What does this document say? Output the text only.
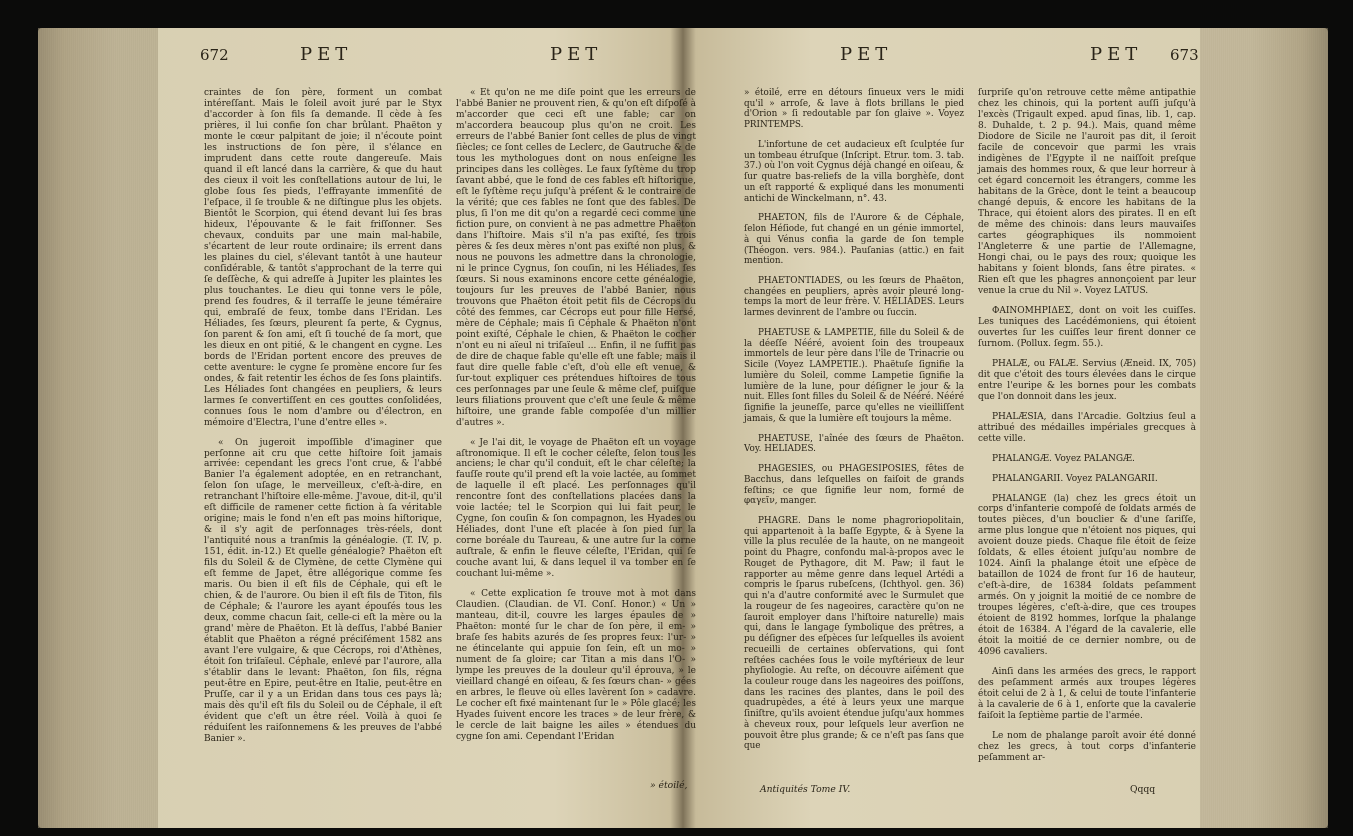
672	PET	PET

craintes de ſon père, forment un combat intéreſſant. Mais le ſoleil avoit juré par le Styx d'accorder à ſon fils ſa demande. Il cède à ſes prières, il lui confie ſon char brûlant. Phaëton y monte le cœur palpitant de joie; il n'écoute point les instructions de ſon père, il s'élance en imprudent dans cette route dangereuſe. Mais quand il eſt lancé dans la carrière, & que du haut des cieux il voit les conſtellations autour de lui, le globe ſous ſes pieds, l'effrayante immenſité de l'eſpace, il ſe trouble & ne diſtingue plus les objets. Bientôt le Scorpion, qui étend devant lui ſes bras hideux, l'épouvante & le fait friſſonner. Ses chevaux, conduits par une main mal-habile, s'écartent de leur route ordinaire; ils errent dans les plaines du ciel, s'élevant tantôt à une hauteur conſidérable, & tantôt s'approchant de la terre qui ſe deſſèche, & qui adreſſe à Jupiter les plaintes les plus touchantes. Le dieu qui tonne vers le pôle, prend ſes foudres, & il terraſſe le jeune téméraire qui, embraſé de feux, tombe dans l'Eridan. Les Héliades, ſes ſœurs, pleurent ſa perte, & Cygnus, ſon parent & ſon ami, eſt ſi touché de ſa mort, que les dieux en ont pitié, & le changent en cygne. Les bords de l'Eridan portent encore des preuves de cette aventure: le cygne ſe promène encore ſur ſes ondes, & fait retentir les échos de ſes ſons plaintifs. Les Héliades ſont changées en peupliers, & leurs larmes ſe convertiſſent en ces gouttes conſolidées, connues ſous le nom d'ambre ou d'électron, en mémoire d'Electra, l'une d'entre elles ».

« On jugeroit impoſſible d'imaginer que perſonne ait cru que cette hiſtoire ſoit jamais arrivée: cependant les grecs l'ont crue, & l'abbé Banier l'a également adoptée, en en retranchant, ſelon ſon uſage, le merveilleux, c'eſt-à-dire, en retranchant l'hiſtoire elle-même. J'avoue, dit-il, qu'il eſt difficile de ramener cette fiction à ſa véritable origine; mais le fond n'en eſt pas moins hiſtorique, & il s'y agit de perſonnages très-réels, dont l'antiquité nous a tranſmis la généalogie. (T. IV, p. 151, édit. in-12.) Et quelle généalogie? Phaëton eſt fils du Soleil & de Clymène, de cette Clymène qui eſt femme de Japet, être allégorique comme ſes maris. Ou bien il eſt fils de Céphale, qui eſt le chien, & de l'aurore. Ou bien il eſt fils de Titon, fils de Céphale; & l'aurore les ayant épouſés tous les deux, comme chacun ſait, celle-ci eſt la mère ou la grand' mère de Phaëton. Et là deſſus, l'abbé Banier établit que Phaëton a régné préciſément 1582 ans avant l'ere vulgaire, & que Cécrops, roi d'Athènes, étoit ſon triſaïeul. Céphale, enlevé par l'aurore, alla s'établir dans le levant: Phaëton, ſon fils, régna peut-être en Epire, peut-être en Italie, peut-être en Pruſſe, car il y a un Eridan dans tous ces pays là; mais dès qu'il eſt fils du Soleil ou de Céphale, il eſt évident que c'eſt un être réel. Voilà à quoi ſe réduiſent les raiſonnemens & les preuves de l'abbé Banier ».

« Et qu'on ne me diſe point que les erreurs de l'abbé Banier ne prouvent rien, & qu'on eſt diſpoſé à m'accorder que ceci eſt une fable; car on m'accordera beaucoup plus qu'on ne croit. Les erreurs de l'abbé Banier ſont celles de plus de vingt ſiècles; ce ſont celles de Leclerc, de Gautruche & de tous les mythologues dont on nous enſeigne les principes dans les collèges. Le faux ſyſtème du trop ſavant abbé, que le fond de ces fables eſt hiſtorique, eſt le ſyſtème reçu juſqu'à préſent & le contraire de la vérité; que ces fables ne ſont que des fables. De plus, ſi l'on me dit qu'on a regardé ceci comme une fiction pure, on convient à ne pas admettre Phaëton dans l'hiſtoire. Mais s'il n'a pas exiſté, ſes trois pères & ſes deux mères n'ont pas exiſté non plus, & nous ne pouvons les admettre dans la chronologie, ni le prince Cygnus, ſon couſin, ni les Héliades, ſes ſœurs. Si nous examinons encore cette généalogie, toujours ſur les preuves de l'abbé Banier, nous trouvons que Phaëton étoit petit fils de Cécrops du côté des femmes, car Cécrops eut pour fille Hersé, mère de Céphale; mais ſi Céphale & Phaëton n'ont point exiſté, Céphale le chien, & Phaëton le cocher n'ont eu ni aïeul ni triſaïeul ... Enfin, il ne ſuffit pas de dire de chaque fable qu'elle eſt une fable; mais il faut dire quelle fable c'eſt, d'où elle eſt venue, & ſur-tout expliquer ces prétendues hiſtoires de tous ces perſonnages par une ſeule & même clef, puiſque leurs filiations prouvent que c'eſt une ſeule & même hiſtoire, une grande fable compoſée d'un millier d'autres ».

« Je l'ai dit, le voyage de Phaëton eſt un voyage aſtronomique. Il eſt le cocher céleſte, ſelon tous les anciens; le char qu'il conduit, eſt le char céleſte; la fauſſe route qu'il prend eſt la voie lactée, au ſommet de laquelle il eſt placé. Les perſonnages qu'il rencontre ſont des conſtellations placées dans la voie lactée; tel le Scorpion qui lui fait peur, le Cygne, ſon couſin & ſon compagnon, les Hyades ou Héliades, dont l'une eſt placée à ſon pied ſur la corne boréale du Taureau, & une autre ſur la corne auſtrale, & enfin le fleuve céleſte, l'Eridan, qui ſe couche avant lui, & dans lequel il va tomber en ſe couchant lui-même ».

« Cette explication ſe trouve mot à mot dans Claudien. (Claudian. de VI. Conſ. Honor.) « Un » manteau, dit-il, couvre les larges épaules de » Phaëton: monté ſur le char de ſon père, il em- » braſe ſes habits azurés de ſes propres feux: l'ur- » ne étincelante qui appuie ſon ſein, eſt un mo- » nument de ſa gloire; car Titan a mis dans l'O- » lympe les preuves de la douleur qu'il éprouva, » le vieillard changé en oiſeau, & ſes ſœurs chan- » gées en arbres, le fleuve où elles lavèrent ſon » cadavre. Le cocher eſt fixé maintenant ſur le » Pôle glacé; les Hyades ſuivent encore les traces » de leur frère, & le cercle de lait baigne les ailes » étendues du cygne ſon ami. Cependant l'Eridan

» étoilé,
PET	PET 673

» étoilé, erre en détours ſinueux vers le midi qu'il » arroſe, & lave à flots brillans le pied d'Orion » ſi redoutable par ſon glaive ». Voyez PRINTEMPS.

L'infortune de cet audacieux eſt ſculptée ſur un tombeau étruſque (Inſcript. Etrur. tom. 3. tab. 37.) où l'on voit Cygnus déjà changé en oiſeau, & ſur quatre bas-reliefs de la villa borghèſe, dont un eſt rapporté & expliqué dans les monumenti antichi de Winckelmann, n°. 43.

PHAETON, fils de l'Aurore & de Céphale, ſelon Héſiode, fut changé en un génie immortel, à qui Vénus confia la garde de ſon temple (Théogon. vers. 984.). Pauſanias (attic.) en fait mention.

PHAETONTIADES, ou les ſœurs de Phaëton, changées en peupliers, après avoir pleuré long-temps la mort de leur frère. V. HÉLIADES. Leurs larmes devinrent de l'ambre ou ſuccin.

PHAETUSE & LAMPETIE, fille du Soleil & de la déeſſe Nééré, avoient ſoin des troupeaux immortels de leur père dans l'île de Trinacrie ou Sicile (Voyez LAMPETIE.). Phaëtuſe ſignifie la lumière du Soleil, comme Lampetie ſignifie la lumière de la lune, pour déſigner le jour & la nuit. Elles ſont filles du Soleil & de Nééré. Nééré ſignifie la jeuneſſe, parce qu'elles ne vieilliſſent jamais, & que la lumière eſt toujours la même.

PHAETUSE, l'aînée des ſœurs de Phaëton. Voy. HELIADES.

PHAGESIES, ou PHAGESIPOSIES, fêtes de Bacchus, dans leſquelles on faiſoit de grands feſtins; ce que ſignifie leur nom, formé de φαγεῖν, manger.

PHAGRE. Dans le nome phagroriopolitain, qui appartenoit à la baſſe Egypte, & à Syene la ville la plus reculée de la haute, on ne mangeoit point du Phagre, confondu mal-à-propos avec le Rouget de Pythagore, dit M. Paw; il faut le rapporter au même genre dans lequel Artédi a compris le ſparus rubeſcens, (Ichthyol. gen. 36) qui n'a d'autre conformité avec le Surmulet que la rougeur de ſes nageoires, caractère qu'on ne ſauroit employer dans l'hiſtoire naturelle) mais qui, dans le langage ſymbolique des prêtres, a pu déſigner des eſpèces ſur leſquelles ils avoient recueilli de certaines obſervations, qui ſont reſtées cachées ſous le voile myſtérieux de leur phyſiologie. Au reſte, on découvre aiſément que la couleur rouge dans les nageoires des poiſſons, dans les racines des plantes, dans le poil des quadrupèdes, a été à leurs yeux une marque ſiniſtre, qu'ils avoient étendue juſqu'aux hommes à cheveux roux, pour leſquels leur averſion ne pouvoit être plus grande; & ce n'eſt pas ſans que que

ſurpriſe qu'on retrouve cette même antipathie chez les chinois, qui la portent auſſi juſqu'à l'excès (Trigault exped. apud ſinas, lib. 1, cap. 8. Duhalde, t. 2 p. 94.). Mais, quand même Diodore de Sicile ne l'auroit pas dit, il ſeroit facile de concevoir que parmi les vrais indigènes de l'Egypte il ne naiſſoit preſque jamais des hommes roux, & que leur horreur à cet égard concernoit les étrangers, comme les habitans de la Grèce, dont le teint a beaucoup changé depuis, & encore les habitans de la Thrace, qui étoient alors des pirates. Il en eſt de même des chinois: dans leurs mauvaiſes cartes géographiques ils nommoient l'Angleterre & une partie de l'Allemagne, Hongi chai, ou le pays des roux; quoique les habitans y ſoient blonds, ſans être pirates. « Rien eſt que les phagres annonçoient par leur venue la crue du Nil ». Voyez LATUS.

ΦΑΙΝΟΜΗΡΙΔΕΣ, dont on voit les cuiſſes. Les tuniques des Lacédémoniens, qui étoient ouvertes ſur les cuiſſes leur firent donner ce ſurnom. (Pollux. ſegm. 55.).

PHALÆ, ou FALÆ. Servius (Æneid. IX, 705) dit que c'étoit des tours élevées dans le cirque entre l'euripe & les bornes pour les combats que l'on donnoit dans les jeux.

PHALÆSIA, dans l'Arcadie. Goltzius ſeul a attribué des médailles impériales grecques à cette ville.

PHALANGÆ. Voyez PALANGÆ.

PHALANGARII. Voyez PALANGARII.

PHALANGE (la) chez les grecs étoit un corps d'infanterie compoſé de ſoldats armés de toutes pièces, d'un bouclier & d'une ſariſſe, arme plus longue que n'étoient nos piques, qui avoient douze pieds. Chaque file étoit de ſeize ſoldats, & elles étoient juſqu'au nombre de 1024. Ainſi la phalange étoit une eſpèce de bataillon de 1024 de front ſur 16 de hauteur, c'eſt-à-dire, de 16384 ſoldats peſamment armés. On y joignit la moitié de ce nombre de troupes légères, c'eſt-à-dire, que ces troupes étoient de 8192 hommes, lorſque la phalange étoit de 16384. A l'égard de la cavalerie, elle étoit la moitié de ce dernier nombre, ou de 4096 cavaliers.

Ainſi dans les armées des grecs, le rapport des peſamment armés aux troupes légères étoit celui de 2 à 1, & celui de toute l'infanterie à la cavalerie de 6 à 1, enſorte que la cavalerie faiſoit la ſeptième partie de l'armée.

Le nom de phalange paroît avoir été donné chez les grecs, à tout corps d'infanterie peſamment ar-

Antiquités Tome IV.	Qqqq
